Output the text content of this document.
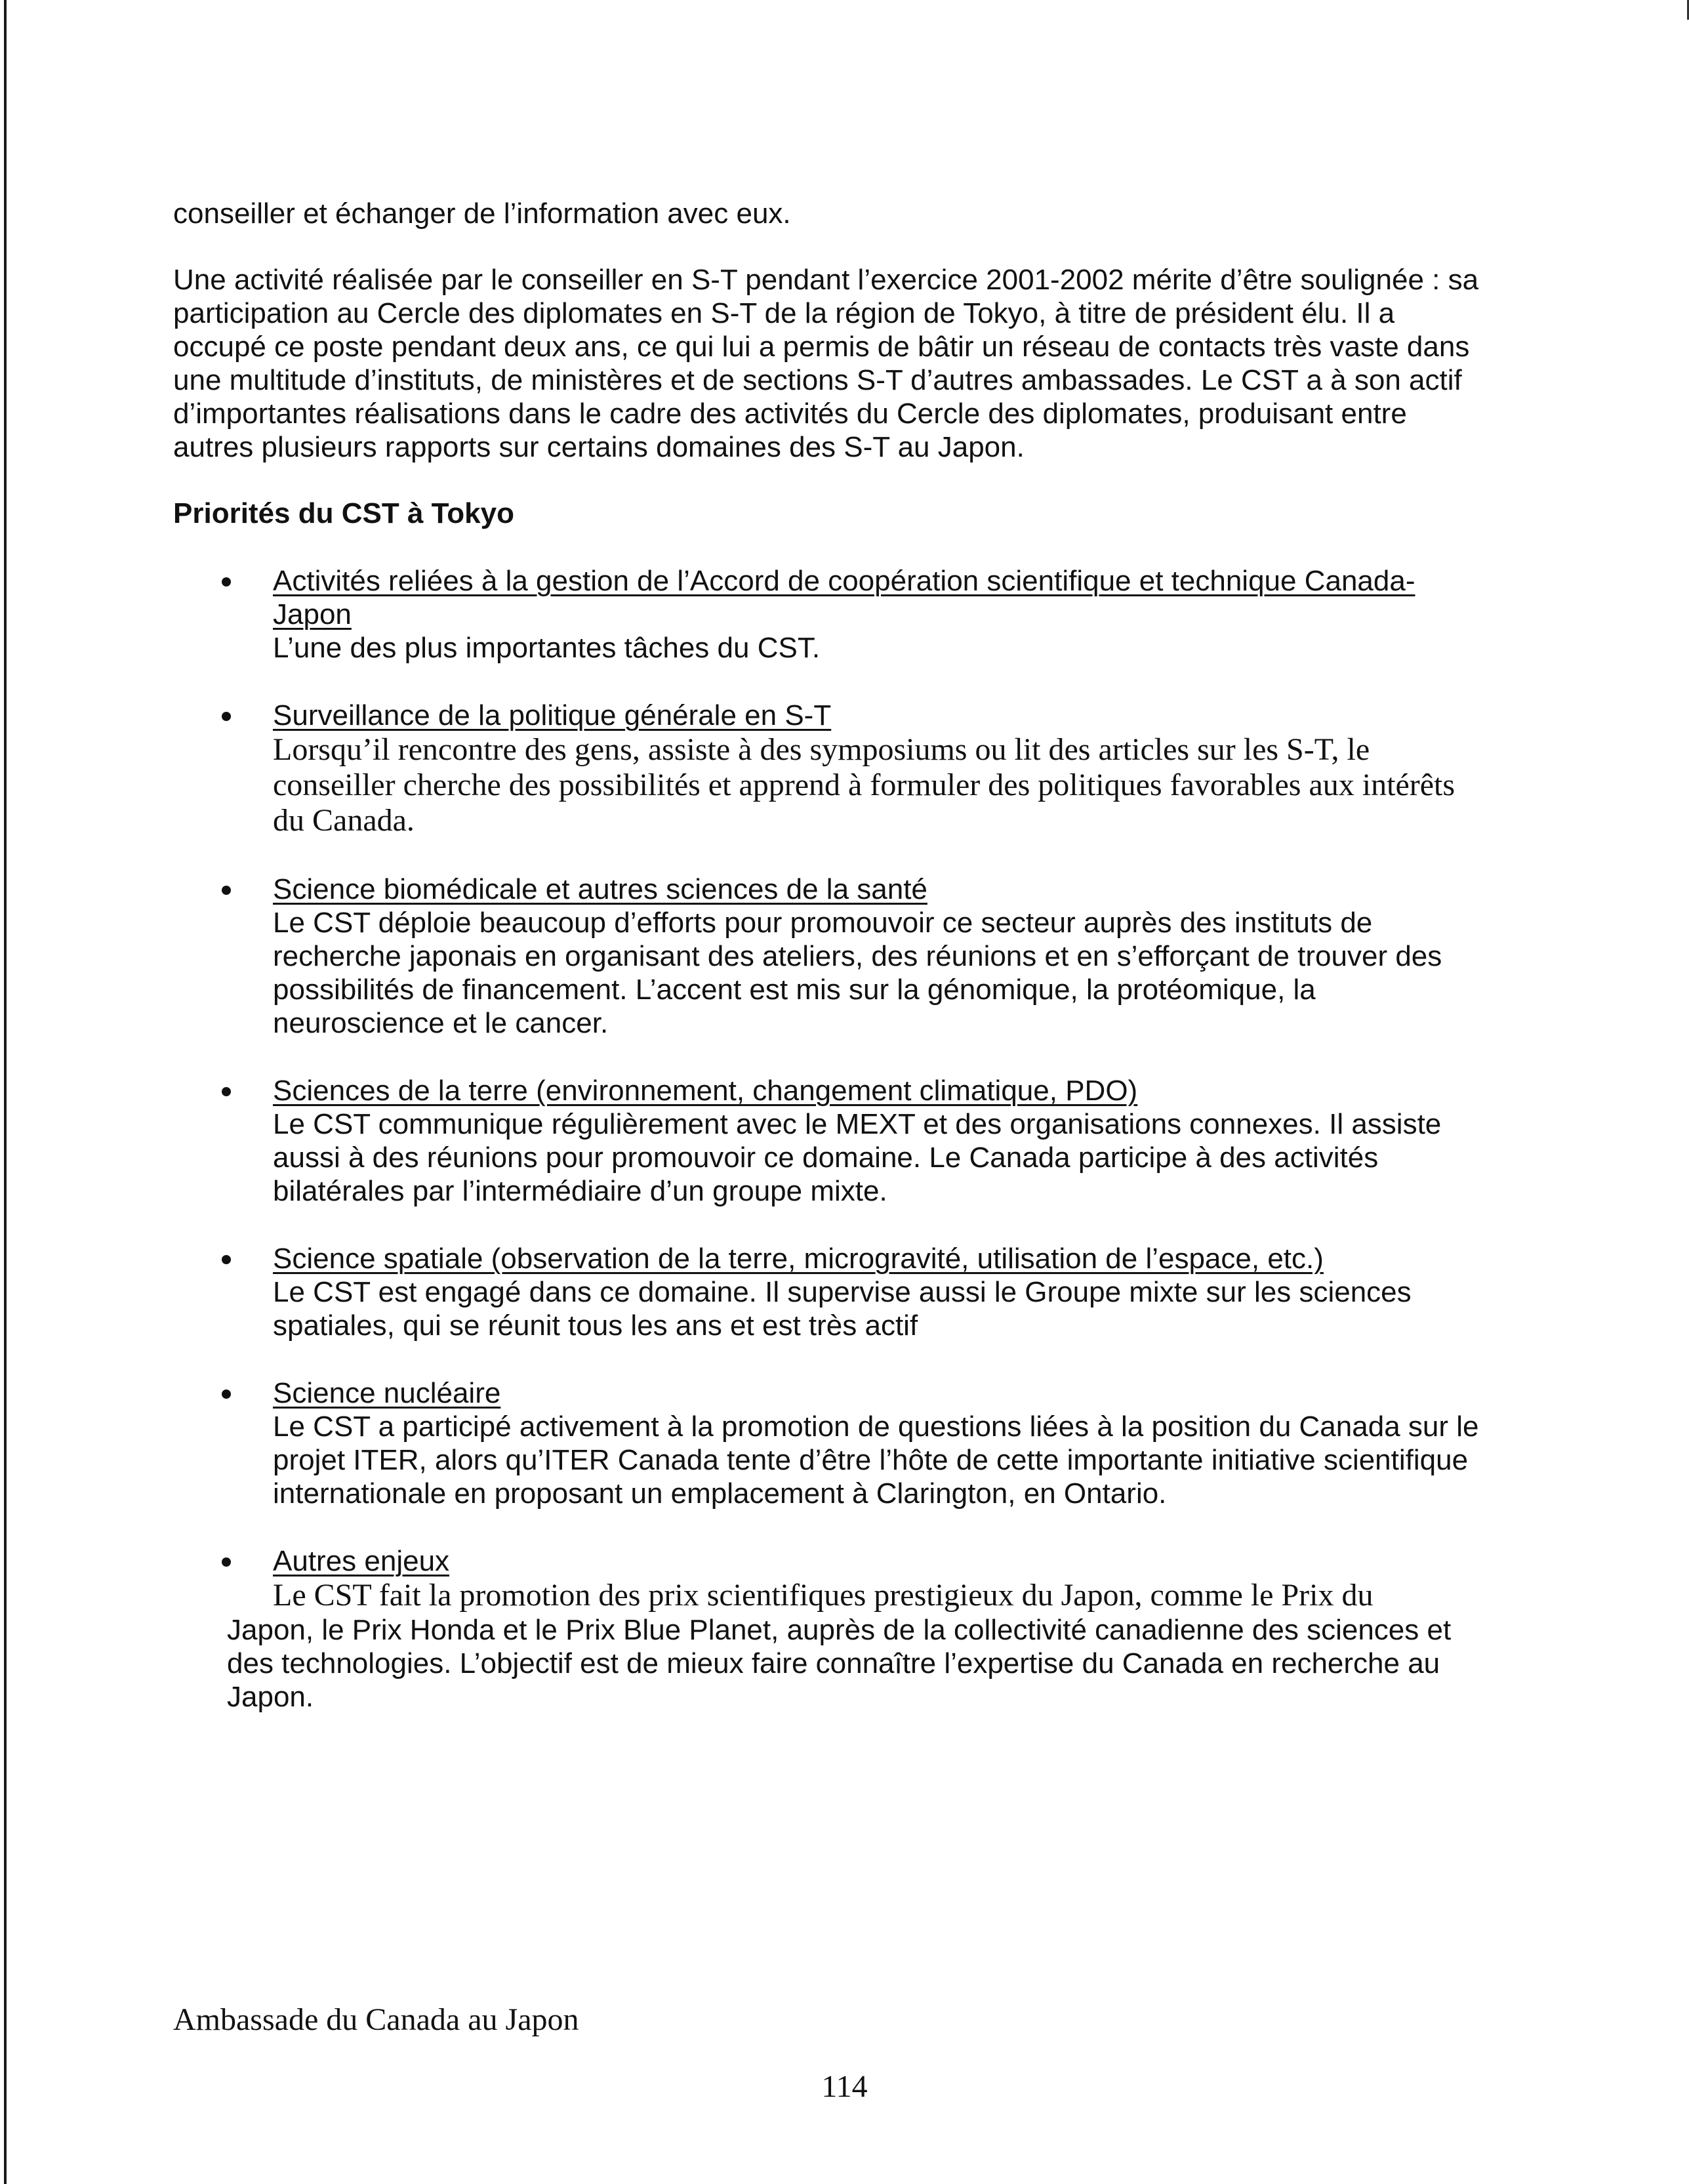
conseiller et échanger de l’information avec eux.

Une activité réalisée par le conseiller en S-T pendant l’exercice 2001-2002 mérite d’être soulignée : sa participation au Cercle des diplomates en S-T de la région de Tokyo, à titre de président élu. Il a occupé ce poste pendant deux ans, ce qui lui a permis de bâtir un réseau de contacts très vaste dans une multitude d’instituts, de ministères et de sections S-T d’autres ambassades. Le CST a à son actif d’importantes réalisations dans le cadre des activités du Cercle des diplomates, produisant entre autres plusieurs rapports sur certains domaines des S-T au Japon.

Priorités du CST à Tokyo
Activités reliées à la gestion de l’Accord de coopération scientifique et technique Canada-Japon
L’une des plus importantes tâches du CST.
Surveillance de la politique générale en S-T
Lorsqu’il rencontre des gens, assiste à des symposiums ou lit des articles sur les S-T, le conseiller cherche des possibilités et apprend à formuler des politiques favorables aux intérêts du Canada.
Science biomédicale et autres sciences de la santé
Le CST déploie beaucoup d’efforts pour promouvoir ce secteur auprès des instituts de recherche japonais en organisant des ateliers, des réunions et en s’efforçant de trouver des possibilités de financement. L’accent est mis sur la génomique, la protéomique, la neuroscience et le cancer.
Sciences de la terre (environnement, changement climatique, PDO)
Le CST communique régulièrement avec le MEXT et des organisations connexes. Il assiste aussi à des réunions pour promouvoir ce domaine. Le Canada participe à des activités bilatérales par l’intermédiaire d’un groupe mixte.
Science spatiale (observation de la terre, microgravité, utilisation de l’espace, etc.)
Le CST est engagé dans ce domaine. Il supervise aussi le Groupe mixte sur les sciences spatiales, qui se réunit tous les ans et est très actif
Science nucléaire
Le CST a participé activement à la promotion de questions liées à la position du Canada sur le projet ITER, alors qu’ITER Canada tente d’être l’hôte de cette importante initiative scientifique internationale en proposant un emplacement à Clarington, en Ontario.
Autres enjeux
Le CST fait la promotion des prix scientifiques prestigieux du Japon, comme le Prix du
Japon, le Prix Honda et le Prix Blue Planet, auprès de la collectivité canadienne des sciences et des technologies. L’objectif est de mieux faire connaître l’expertise du Canada en recherche au Japon.
Ambassade du Canada au Japon
114
